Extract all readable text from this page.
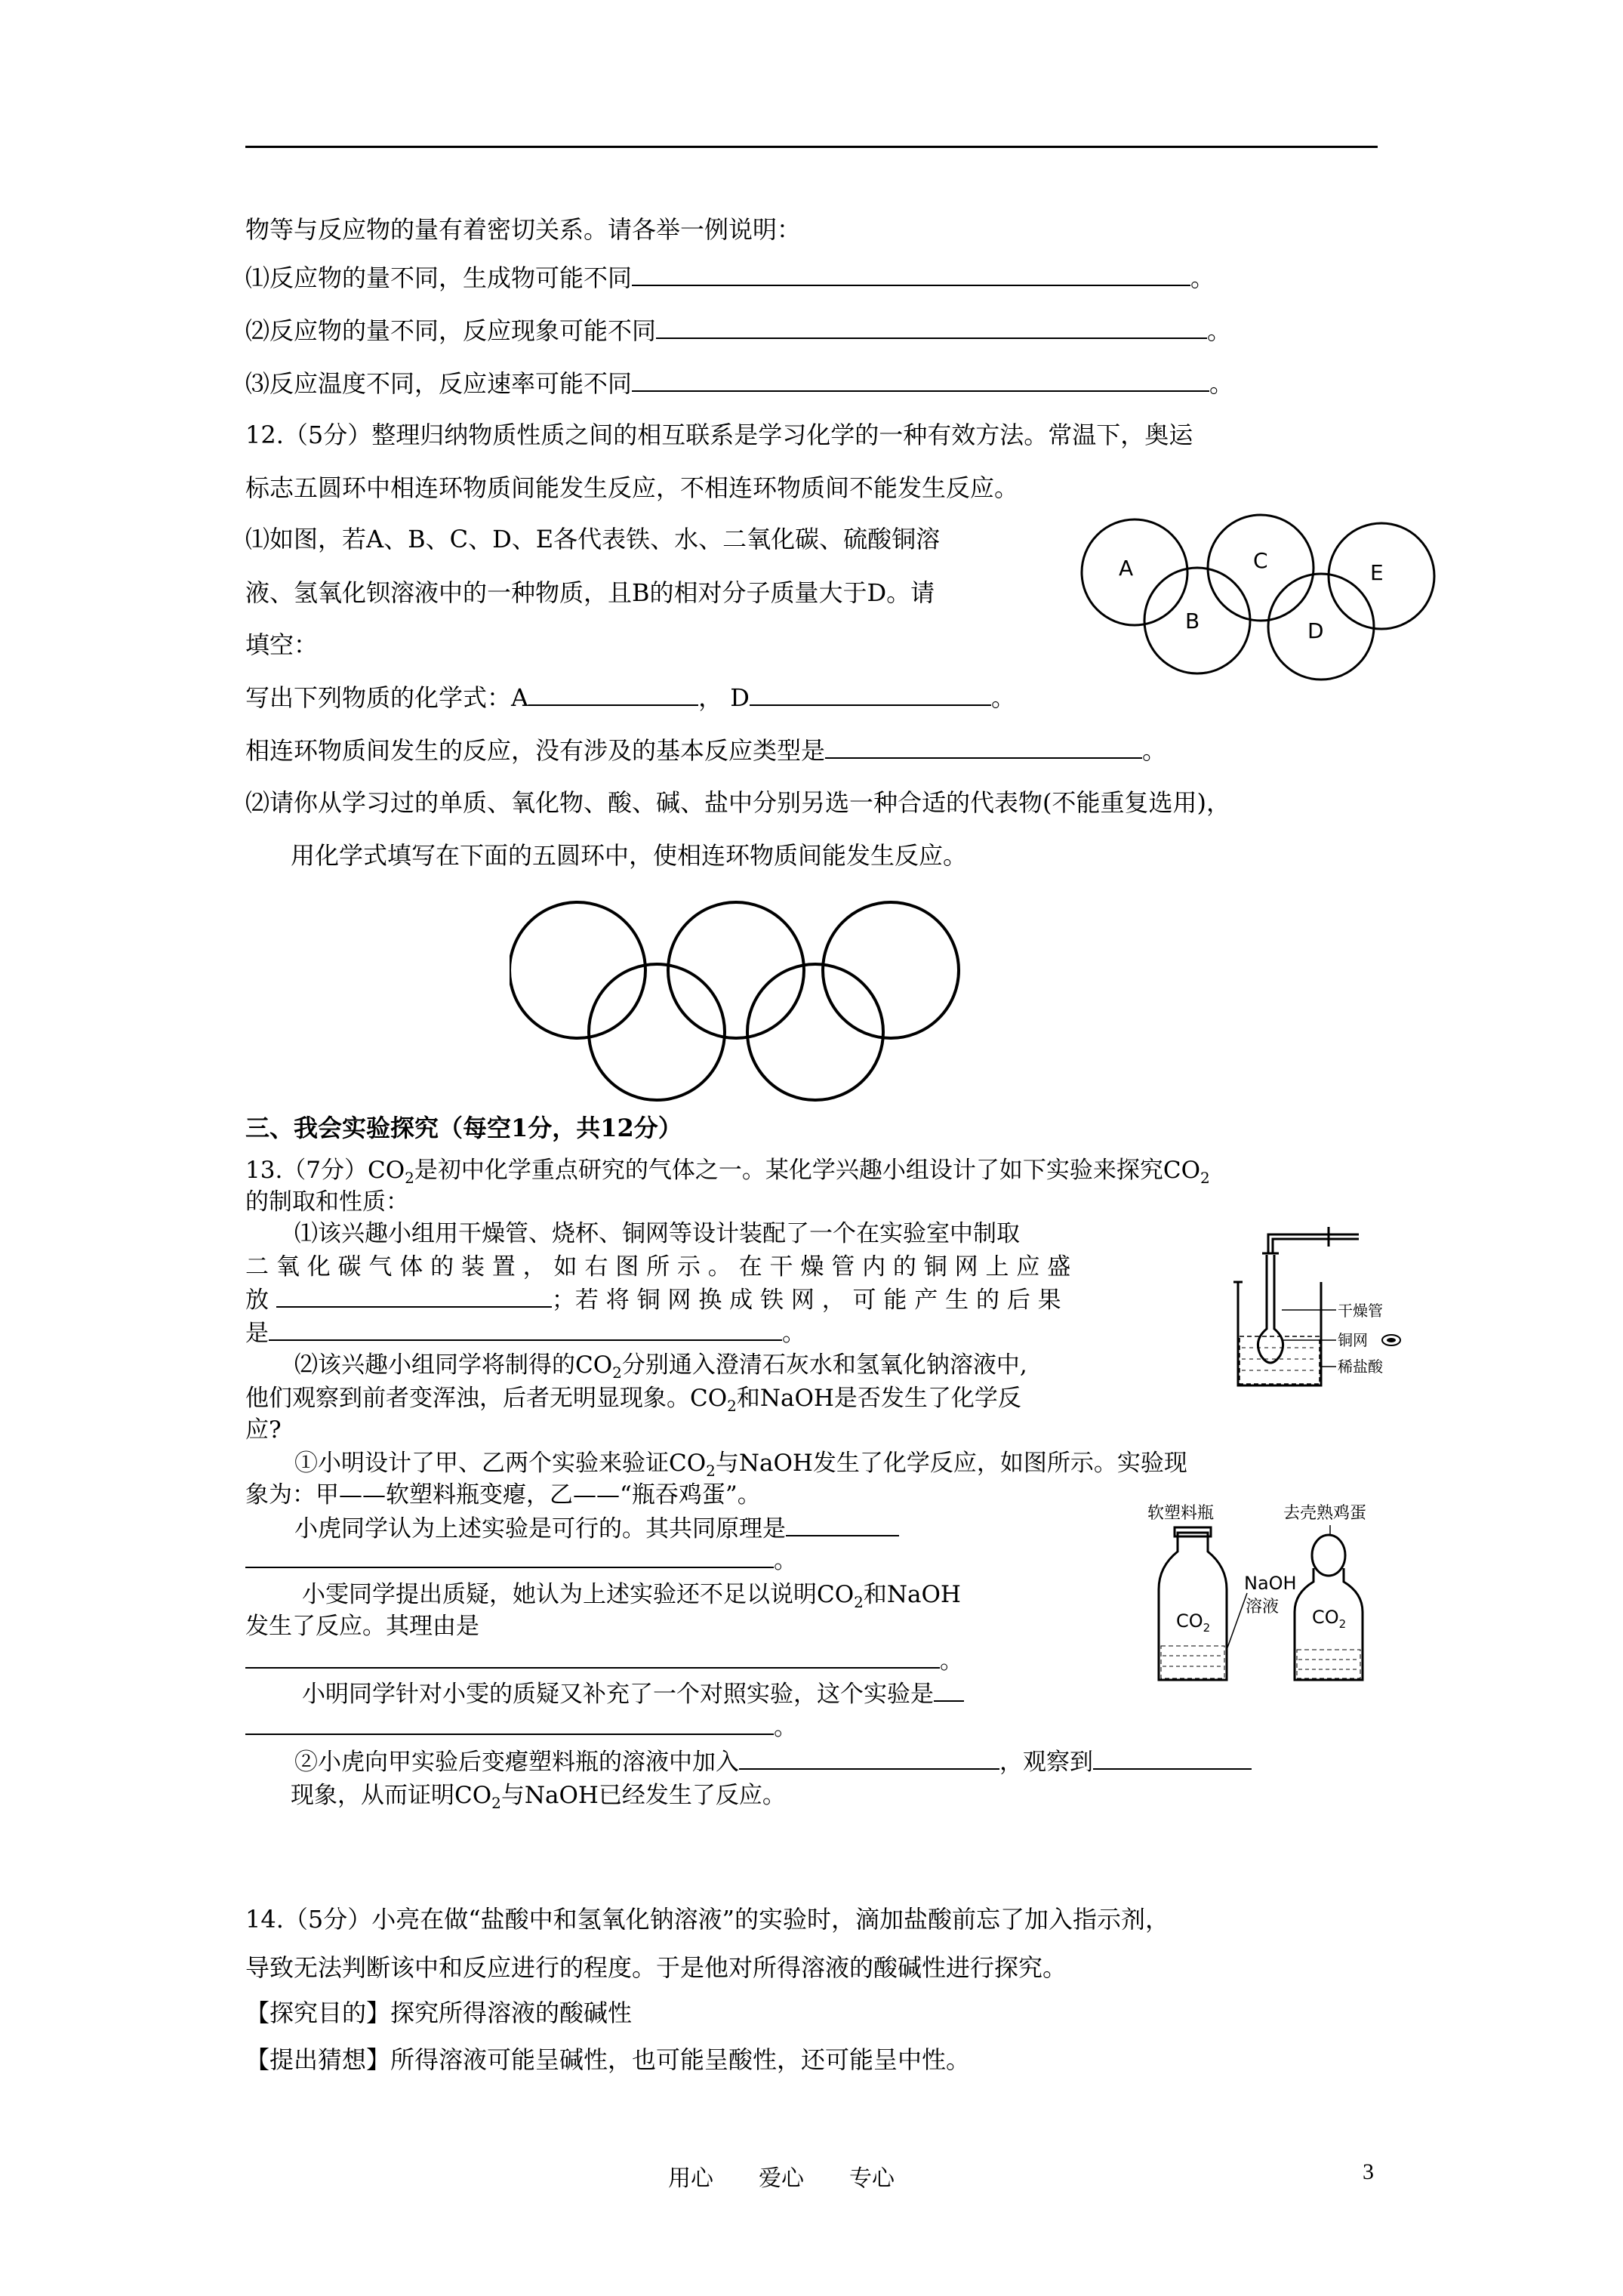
物等与反应物的量有着密切关系。请各举一例说明：
⑴反应物的量不同，生成物可能不同	。
⑵反应物的量不同，反应现象可能不同	。
⑶反应温度不同，反应速率可能不同	。
12.（5分）整理归纳物质性质之间的相互联系是学习化学的一种有效方法。常温下，奥运
标志五圆环中相连环物质间能发生反应，不相连环物质间不能发生反应。
⑴如图，若A、B、C、D、E各代表铁、水、二氧化碳、硫酸铜溶
液、氢氧化钡溶液中的一种物质，且B的相对分子质量大于D。请
填空：
A
B
C
D
E
写出下列物质的化学式：A	， D	。
相连环物质间发生的反应，没有涉及的基本反应类型是	。
⑵请你从学习过的单质、氧化物、酸、碱、盐中分别另选一种合适的代表物(不能重复选用)，
用化学式填写在下面的五圆环中，使相连环物质间能发生反应。
三、我会实验探究（每空1分，共12分）
13.（7分）$CO_2$是初中化学重点研究的气体之一。某化学兴趣小组设计了如下实验来探究$CO_2$
的制取和性质：
⑴该兴趣小组用干燥管、烧杯、铜网等设计装配了一个在实验室中制取
二 氧 化 碳 气 体 的 装 置 ， 如 右 图 所 示 。 在 干 燥 管 内 的 铜 网 上 应 盛
放	；若 将 铜 网 换 成 铁 网 ， 可 能 产 生 的 后 果
是	。
干燥管
铜网
稀盐酸
⑵该兴趣小组同学将制得的$CO_2$分别通入澄清石灰水和氢氧化钠溶液中,
他们观察到前者变浑浊，后者无明显现象。$CO_2$和NaOH是否发生了化学反
应?
①小明设计了甲、乙两个实验来验证$CO_2$与NaOH发生了化学反应，如图所示。实验现
象为：甲——软塑料瓶变瘪，乙——“瓶吞鸡蛋”。
小虎同学认为上述实验是可行的。其共同原理是
。
小雯同学提出质疑，她认为上述实验还不足以说明$CO_2$和NaOH
发生了反应。其理由是
。
小明同学针对小雯的质疑又补充了一个对照实验，这个实验是
。
软塑料瓶	去壳熟鸡蛋
$CO_2$
NaOH
溶液 $CO_2$
②小虎向甲实验后变瘪塑料瓶的溶液中加入	，观察到
现象，从而证明$CO_2$与NaOH已经发生了反应。
14.（5分）小亮在做“盐酸中和氢氧化钠溶液”的实验时，滴加盐酸前忘了加入指示剂，
导致无法判断该中和反应进行的程度。于是他对所得溶液的酸碱性进行探究。
【探究目的】探究所得溶液的酸碱性
【提出猜想】所得溶液可能呈碱性，也可能呈酸性，还可能呈中性。
用心　　爱心　　专心	3
